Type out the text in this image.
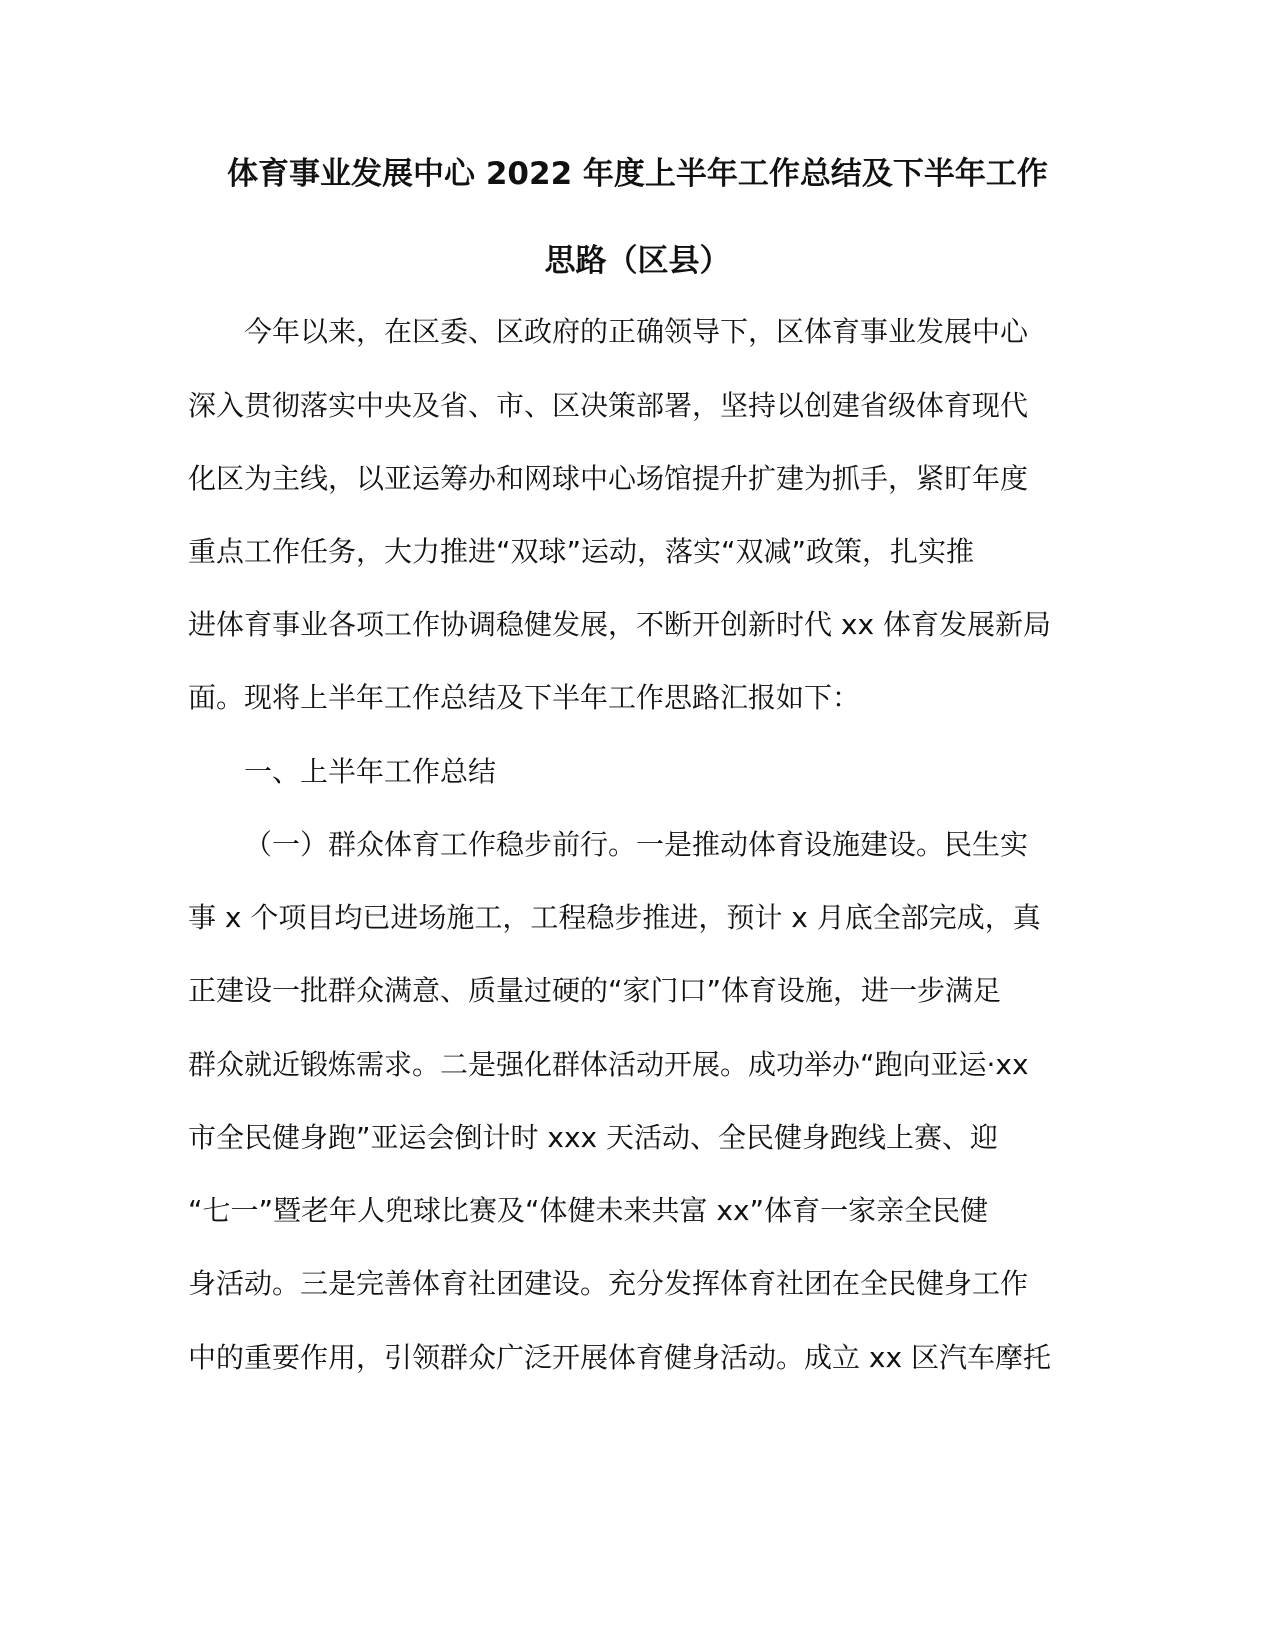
体育事业发展中心 2022 年度上半年工作总结及下半年工作
思路（区县）
今年以来，在区委、区政府的正确领导下，区体育事业发展中心
深入贯彻落实中央及省、市、区决策部署，坚持以创建省级体育现代
化区为主线，以亚运筹办和网球中心场馆提升扩建为抓手，紧盯年度
重点工作任务，大力推进“双球”运动，落实“双减”政策，扎实推
进体育事业各项工作协调稳健发展，不断开创新时代 xx 体育发展新局
面。现将上半年工作总结及下半年工作思路汇报如下：
一、上半年工作总结
（一）群众体育工作稳步前行。一是推动体育设施建设。民生实
事 x 个项目均已进场施工，工程稳步推进，预计 x 月底全部完成，真
正建设一批群众满意、质量过硬的“家门口”体育设施，进一步满足
群众就近锻炼需求。二是强化群体活动开展。成功举办“跑向亚运·xx
市全民健身跑”亚运会倒计时 xxx 天活动、全民健身跑线上赛、迎
“七一”暨老年人兜球比赛及“体健未来共富 xx”体育一家亲全民健
身活动。三是完善体育社团建设。充分发挥体育社团在全民健身工作
中的重要作用，引领群众广泛开展体育健身活动。成立 xx 区汽车摩托
